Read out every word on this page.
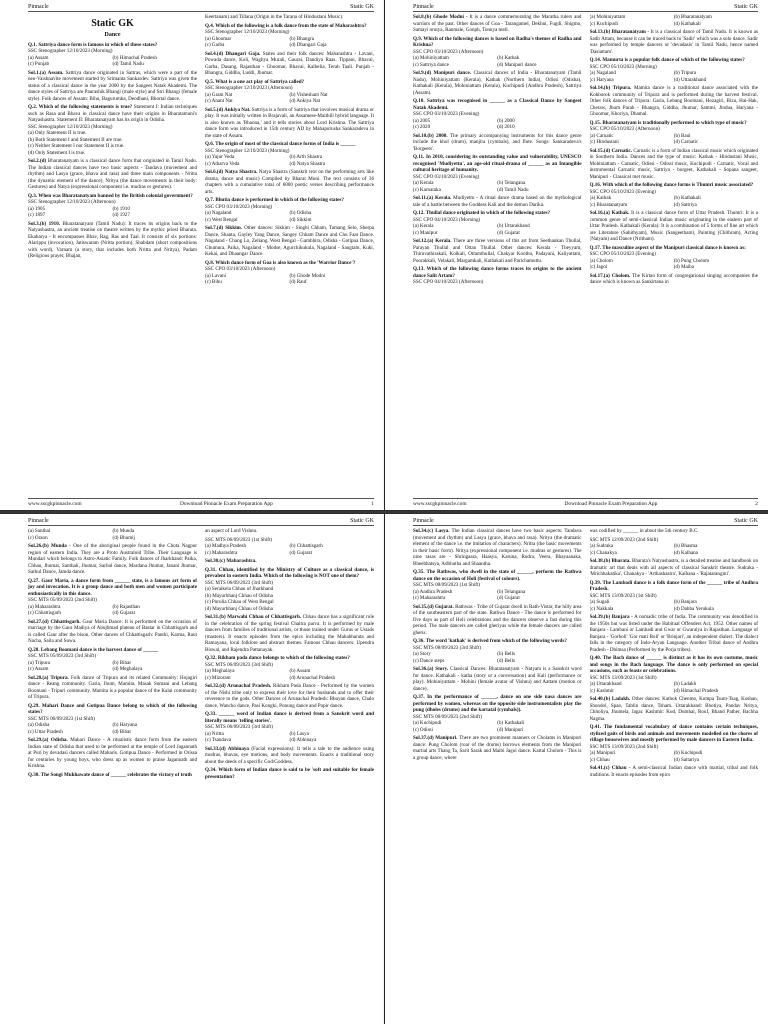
Pinnacle	Static GK
Static GK
Dance
Q.1. Sattriya dance form is famous in which of these states?
SSC Stenographer 12/10/2023 (Morning)
(a) Assam	(b) Himachal Pradesh
(c) Punjab	(d) Tamil Nadu
Sol.1.(a) Assam. Sattriya dance originated in Sattras, which were a part of the neo-Vaishnavite movement started by Srimanta Sankardev. Sattriya was given the status of a classical dance in the year 2000 by the Sangeet Natak Akademi. The dance styles of Sattriya are Paurashik Bhangi (male style) and Stri Bhangi (female style). Folk dances of Assam: Bihu, Bagurumba, Deodhani, Bhortal dance.
Q.2. Which of the following statements is true? Statement I: Indian techniques such as Rasa and Bhava in classical dance have their origins in Bharatamuni's Natyashastra. Statement II: Bharatanatyam has its origin in Odisha.
SSC Stenographer 12/10/2023 (Morning)
(a) Only Statement II is true.
(b) Both Statement I and Statement II are true.
(c) Neither Statement I nor Statement II is true.
(d) Only Statement I is true.
Sol.2.(d) Bharatanatyam is a classical dance form that originated in Tamil Nadu. The Indian classical dances have two basic aspects - Tandava (movement and rhythm) and Lasya (grace, bhava and rasa) and three main components - Nritta (the dynamic element of the dance), Nritya (the dance movements in their body: Gestures) and Natya (expressional component i.e. mudras or gestures).
Q.3. When was Bharatanatyam banned by the British colonial government?
SSC Stenographer 12/10/2023 (Afternoon)
(a) 1905	(b) 1910
(c) 1897	(d) 1927
Sol.3.(b) 1910. Bharatanatyam (Tamil Nadu): It traces its origins back to the Natyashastra, an ancient treatise on theatre written by the mythic priest Bharata. Ekaharya - It encompasses Bhav, Rag, Ras and Taal. It consists of six portions: Alarippu (invocation), Jatiswaram (Nritta portion), Shabdam (short compositions with word), Varnam (a story, that includes both Nritta and Nritya), Padam (Religious prayer, Bhajan,
Keertanam) and Tillana (Origin in the Tarana of Hindustani Music).
Q.4. Which of the following is a folk dance from the state of Maharashtra?
SSC Stenographer 12/10/2023 (Morning)
(a) Ghoomar	(b) Bhangra
(c) Garba	(d) Dhangari Gaja
Sol.4.(d) Dhangari Gaja. States and their folk dances: Maharashtra - Lavani, Powada dance, Koli, Waghya Murali, Gaurai, Dandiya Raas. Tippani, Bhavai, Garba, Dasang. Rajasthan - Ghoomar, Bhavai, Kalbelia, Terah Taali. Punjab - Bhangra, Giddha, Luddi, Jhumar.
Q.5. What is a one act play of Sattriya called?
SSC Stenographer 12/10/2023 (Afternoon)
(a) Gram Nat	(b) Vishesham Nat
(c) Anant Nat	(d) Ankiya Nat
Sol.5.(d) Ankiya Nat. Sattriya is a form of Sattriya that involves musical drama or play. It was initially written in Brajavali, an Assamese-Maithili hybrid language. It is also known as 'Bhaona,' and it tells stories about Lord Krishna. The Sattriya dance form was introduced in 15th century AD by Mahapurusha Sankaradeva in the state of Assam.
Q.6. The origin of most of the classical dance forms of India is ______
SSC Stenographer 12/10/2023 (Morning)
(a) Yajur Veda	(b) Arth Shastra
(c) Atharva Veda	(d) Natya Shastra
Sol.6.(d) Natya Shastra. Natya Shastra (Sanskrit text on the performing arts like drama, dance and music) Compiled by Bharat Muni. The text consists of 36 chapters with a cumulative total of 6000 poetic verses describing performance arts.
Q.7. Bhutia dance is performed in which of the following states?
SSC CPO 03/10/2023 (Morning)
(a) Nagaland	(b) Odisha
(c) West Bengal	(d) Sikkim
Sol.7.(d) Sikkim. Other dances: Sikkim - Singhi Chham, Tamang Selo, Sherpa Dance, Shanta, Gayley Yang Dance, Sangey Chham Dance and Chu Faat Dance. Nagaland - Chang Lo, Zeliang. West Bengal - Gambhira, Odisha - Gotipua Dance, Ghumura, Paika, Nagaland - Modse, Agurchikukula, Nagaland - Sangtam, Kuki, Kekai, and Dhaangar Dance.
Q.8. Which dance form of Goa is also known as the 'Warrior Dance'?
SSC CPO 03/10/2023 (Afternoon)
(a) Lavani	(b) Ghode Modni
(c) Bihu	(d) Rauf
www.sscgkpinnacle.com	Download Pinnacle Exam Preparation App	1
Pinnacle	Static GK
Sol.8.(b) Ghode Modni - It is a dance commemorating the Maratha rulers and warriors of the past. Other dances of Goa - Tarangamel, Dekhni, Fugdi, Shigmo, Samayi nrutya, Ranmale, Gonph, Tonnya mell.
Q.9. Which of the following dances is based on Radha's themes of Radha and Krishna?
SSC CPO 03/10/2023 (Afternoon)
(a) Mohiniyattam	(b) Kathak
(c) Sattriya dance	(d) Manipuri dance
Sol.9.(d) Manipuri dance. Classical dances of India - Bharatanatyam (Tamil Nadu), Mohiniyattam (Kerala), Kathak (Northern India), Odissi (Odisha), Kathakali (Kerala), Mohiniattam (Kerala), Kuchipudi (Andhra Pradesh), Sattriya (Assam).
Q.10. Sattriya was recognised in ______ as a Classical Dance by Sangeet Natak Akademi.
SSC CPO 03/10/2023 (Evening)
(a) 2005	(b) 2000
(c) 2020	(d) 2010
Sol.10.(b) 2000. The primary accompanying instruments for this dance genre include the khol (drum), manjira (cymbals), and flute. Songs: Sankaradeva's 'Borgeets'.
Q.11. In 2010, considering its outstanding value and vulnerability, UNESCO recognised 'Mudiyettu', an age-old ritual-drama of ______ as an Intangible cultural heritage of humanity.
SSC CPO 03/10/2023 (Evening)
(a) Kerala	(b) Telangana
(c) Karnataka	(d) Tamil Nadu
Sol.11.(a) Kerala. Mudiyettu - A ritual dance drama based on the mythological tale of a battle between the Goddess Kali and the demon Darika.
Q.12. Thullal dance originated in which of the following states?
SSC CPO 04/10/2023 (Morning)
(a) Kerala	(b) Uttarakhand
(c) Manipur	(d) Gujarat
Sol.12.(a) Kerala. There are three versions of this art from Seethankan Thullal, Parayan Thullal and Ottan Thullal. Other dances: Kerala - Theyyam, Thiruvathirakali, Kolkali, Ottamthullal, Chakyar Koothu, Padayani, Kaliyattam, Poorakkali, Velakali, Margamkali, Kathakali and Parichamuttu.
Q.13. Which of the following dance forms traces its origins to the ancient dance Salit Artam?
SSC CPO 04/10/2023 (Afternoon)
(a) Mohiniyattam	(b) Bharatanatyam
(c) Kuchipudi	(d) Kathakali
Sol.13.(b) Bharatanatyam - It is a classical dance of Tamil Nadu. It is known as Sadir Attam, because it can be traced back to 'Sadir' which was a solo dance. Sadir was performed by temple dancers or 'devadasis' in Tamil Nadu, hence named 'Dasiattam'.
Q.14. Mamurta is a popular folk dance of which of the following states?
SSC CPO 05/10/2023 (Morning)
(a) Nagaland	(b) Tripura
(c) Haryana	(d) Uttarakhand
Sol.14.(b) Tripura. Mamita dance is a traditional dance associated with the Kokborok community of Tripura and is performed during the harvest festival. Other folk dances of Tripura: Garia, Lebang Boomani, Hozagiri, Bizu, Hai-Hak, Cheraw, Jhum Parab - Bhangra, Giddha, Jhumar, Sammi, Jindua, Haryana - Ghoomar, Khoriya, Dhamal.
Q.15. Bharatanatyam is traditionally performed to which type of music?
SSC CPO 05/10/2023 (Afternoon)
(a) Carnatic	(b) Baul
(c) Hindustani	(d) Carnatic
Sol.15.(d) Carnatic. Carnatic is a form of Indian classical music which originated in Southern India. Dances and the type of music: Kathak - Hindustani Music, Mohiniattam - Carnatic, Odissi - Odissi music, Kuchipudi - Carnatic, Vocal and instrumental Carnatic music, Sattriya - borgeet, Kathakali - Sopana sangeet, Manipuri - Classical met music.
Q.16. With which of the following dance forms is Thumri music associated?
SSC CPO 05/10/2023 (Evening)
(a) Kathak	(b) Kathakali
(c) Bharatanatyam	(d) Sattriya
Sol.16.(a) Kathak. It is a classical dance form of Uttar Pradesh. Thumri: It is a common genre of semi-classical Indian music originating in the eastern part of Uttar Pradesh. Kathakali (Kerala): It is a combination of 5 forms of fine art which are Literature (Sahithyam), Music (Sangeetham), Painting (Chithram), Acting (Natyam) and Dance (Nritham).
Q.17. The masculine aspect of the Manipuri classical dance is known as:
SSC CPO 05/10/2023 (Evening)
(a) Cholom	(b) Pung Cholom
(c) Jagoi	(d) Maiba
Sol.17.(a) Cholom. The Kirtan form of congregational singing accompanies the dance which is known as Sankirtana in
www.sscgkpinnacle.com	Download Pinnacle Exam Preparation App	2
Pinnacle	Static GK
(a) Santhal	(b) Munda
(c) Oraon	(d) Bhumij
Sol.26.(b) Munda - One of the aboriginal people found in the Chota Nagpur region of eastern India. They are a Proto Australoid Tribe. Their Language is Mundari which belongs to Astro-Asiatic Family. Folk dances of Jharkhand: Paika, Chhau, Jhumar, Santhali, Jhumar, Sarhul dance, Mardana Jhumar, Janani Jhumar, Sarhul Dance, Jamda dance.
Q.27. Gaur Maria, a dance form from ______ state, is a famous art form of joy and invocation. It is a group dance and both men and women participate enthusiastically in this dance.
SSC MTS 05/09/2023 (2nd Shift)
(a) Maharashtra	(b) Rajasthan
(c) Chhattisgarh	(d) Gujarat
Sol.27.(d) Chhattisgarh. Gaur Maria Dance: It is performed on the occasion of marriage by the Gaur Madiya of Abujhmad plateau of Bastar in Chhattisgarh and is called Gaur after the bison. Other dances of Chhattisgarh: Panthi, Karma, Raut Nacha, Saila and Suwa.
Q.28. Lebang Boomani dance is the harvest dance of ______
SSC MTS 05/09/2023 (3rd Shift)
(a) Tripura	(b) Bihar
(c) Assam	(d) Meghalaya
Sol.28.(a) Tripura. Folk dance of Tripura and its related Community: Hojagiri dance - Reang community. Garia, Jhum, Mamita, Masak Sumani and Lebang Boomani - Tripuri community. Mamita is a popular dance of the Kalai community of Tripura.
Q.29. Mahari Dance and Gotipua Dance belong to which of the following states?
SSC MTS 06/09/2023 (1st Shift)
(a) Odisha	(b) Haryana
(c) Uttar Pradesh	(d) Bihar
Sol.29.(a) Odisha. Mahari Dance - A ritualistic dance form from the eastern Indian state of Odisha that used to be performed at the temple of Lord Jagannath at Puri by devadasi dancers called Maharis. Gotipua Dance - Performed in Orissa for centuries by young boys, who dress up as women to praise Jagannath and Krishna.
Q.30. The Songi Mukhawate dance of ______ celebrates the victory of truth
an aspect of Lord Vishnu.
SSC MTS 06/09/2023 (1st Shift)
(a) Madhya Pradesh	(b) Chhattisgarh
(c) Maharashtra	(d) Gujarat
Sol.30.(c) Maharashtra.
Q.31. Chhau, identified by the Ministry of Culture as a classical dance, is prevalent in eastern India. Which of the following is NOT one of them?
SSC MTS 06/09/2023 (3rd Shift)
(a) Seraikela Chhau of Jharkhand
(b) Mayurbhanj Chhau of Odisha
(c) Purulia Chhau of West Bengal
(d) Mayurbhanj Chhau of Odisha
Sol.31.(b) Marwahi Chhau of Chhattisgarh. Chhau dance has a significant role in the celebration of the spring festival Chaitra parva. It is performed by male dancers from families of traditional artists, or those trained under Gurus or Ustads (masters). It enacts episodes from the epics including the Mahabharata and Ramayana, local folklore and abstract themes. Famous Chhau dancers: Upendra Biswal, and Rajendra Pattanayak.
Q.32. Rikham pada dance belongs to which of the following states?
SSC MTS 06/09/2023 (3rd Shift)
(a) Meghalaya	(b) Assam
(c) Mizoram	(d) Arunachal Pradesh
Sol.32.(d) Arunachal Pradesh. Rikham Pada Dance - Performed by the women of the Nishi tribe only to express their love for their husbands and to offer their reverence to the gods. Other Dances of Arunachal Pradesh: Bhuyan dance, Chalo dance, Wancho dance, Pasi Kongki, Ponung dance and Popir dance.
Q.33. ______ word of Indian dance is derived from a Sanskrit word and literally means 'telling stories'.
SSC MTS 06/09/2023 (3rd Shift)
(a) Nritta	(b) Lasya
(c) Tsandava	(d) Abhinaya
Sol.33.(d) Abhinaya (Facial expressions): It tells a tale to the audience using mudras, bhavas, eye motions, and body movements. Enacts a traditional story about the deeds of a specific God/Goddess.
Q.34. Which form of Indian dance is said to be 'soft and suitable for female presentation?
Pinnacle	Static GK
Sol.34.(c) Lasya. The Indian classical dances have two basic aspects: Tandava (movement and rhythm) and Lasya (grace, bhava and rasa). Nritya (the dramatic element of the dance i.e. the imitation of characters). Nritta (the basic movements in their basic form). Nritya (expressional component i.e. mudras or gestures). The nine rasas are - Shringaara, Haasya, Karuna, Rudra, Veera, Bhayaanaka, Bheebhatsya, Adbhutha and Shaantha.
Q.35. The Rathwas, who dwell in the state of ______, perform the Rathwa dance on the occasion of Holi (festival of colours).
SSC MTS 08/09/2023 (1st Shift)
(a) Andhra Pradesh	(b) Telangana
(c) Maharashtra	(d) Gujarat
Sol.35.(d) Gujarat. Rathwas - Tribe of Gujarat dwell in Rath-Vistar, the hilly area of the southeastern part of the state. Rathwa Dance - The dance is performed for five days as part of Holi celebrations and the dancers observe a fast during this period. The male dancers are called gheriyas while the female dancers are called gheris.
Q.36. The word 'kathak' is derived from which of the following words?
SSC MTS 08/09/2023 (3rd Shift)
(a) Story	(b) Bells
(c) Dance steps	(d) Bells
Sol.36.(a) Story. Classical Dances: Bharatanatyam - Natyam is a Sanskrit word for dance. Kathakali - katha (story or a conversation) and Kali (performance or play). Mohiniyattam - Mohini (female avatar of Vishnu) and Aattam (motion or dance).
Q.37. In the performance of ______, dance on one side nasa dances are performed by women, whereas on the opposite side instrumentalists play the pung (dholes (drums) and the kartatal (cymbals)).
SSC MTS 08/09/2023 (2nd Shift)
(a) Kuchipudi	(b) Kathakali
(c) Odissi	(d) Manipuri
Sol.37.(d) Manipuri. There are two prominent manners or Cholams in Manipuri dance: Pung Cholom (roar of the drums) borrows elements from the Manipuri martial arts Thang Ta, Sarit Sarak and Maibi Jagoi dance. Kartal Cholom - This is a group dance, where
was codified by ______ in about the 5th century B.C.
SSC MTS 12/09/2023 (2nd Shift)
(a) Sudraka	(b) Bhasma
(c) Chanakya	(d) Kalhana
Sol.38.(b) Bharata. Bharata's Natyashastra, is a detailed treatise and handbook on dramatic art that deals with all aspects of classical Sanskrit theatre. Sudraka - 'Mrichhakatika', Chanakya - 'Arthashastra', Kalhana - 'Rajatarangini'.
Q.39. The Lambadi dance is a folk dance form of the ______ tribe of Andhra Pradesh.
SSC MTS 13/09/2023 (1st Shift)
(a) Sugali	(b) Banjara
(c) Nakkala	(d) Dabba Yerukula
Sol.39.(b) Banjara - A nomadic tribe of India. The community was denotified in the 1950s but was listed under the Habitual Offenders Act, 1952. Other names of Banjara - Lambani or Lambadi and Gwar or Gwaraiya in Rajasthan. Language of Banjara - 'Gorboli' 'Gor mati Boli' or 'Brinjari', an independent dialect. The dialect falls in the category of Indo-Aryan Language. Another Tribal dance of Andhra Pradesh - Dhimsa (Performed by the Porja tribes).
Q.40. The Bach dance of ______ is distinct as it has its own costume, music and songs in the Bach language. The dance is only performed on special occasions, such as feasts or celebrations.
SSC MTS 13/09/2023 (1st Shift)
(a) Uttarakhand	(b) Ladakh
(c) Kashmir	(d) Himachal Pradesh
Sol.40.(b) Ladakh. Other dances: Kathok Chenmo, Kompa Tsum-Tsag, Koshan, Shondol, Spao, Tablin dance, Tsham. Uttarakhand: Bhotiya, Pandav Nritya, Chholiya, Jhumela, Jagar. Kashmir: Kud, Dumhal, Rouf, Bhand Pather, Bachha Nagma.
Q.41. The fundamental vocabulary of dance contains certain techniques, stylized gaits of birds and animals and movements modelled on the chores of village housewives and mostly performed by male dancers in Eastern India.
SSC MTS 13/09/2023 (2nd Shift)
(a) Manipuri	(b) Kuchipudi
(c) Chhau	(d) Sattariya
Sol.41.(c) Chhau - A semi-classical Indian dance with martial, tribal and folk traditions. It enacts episodes from epics
